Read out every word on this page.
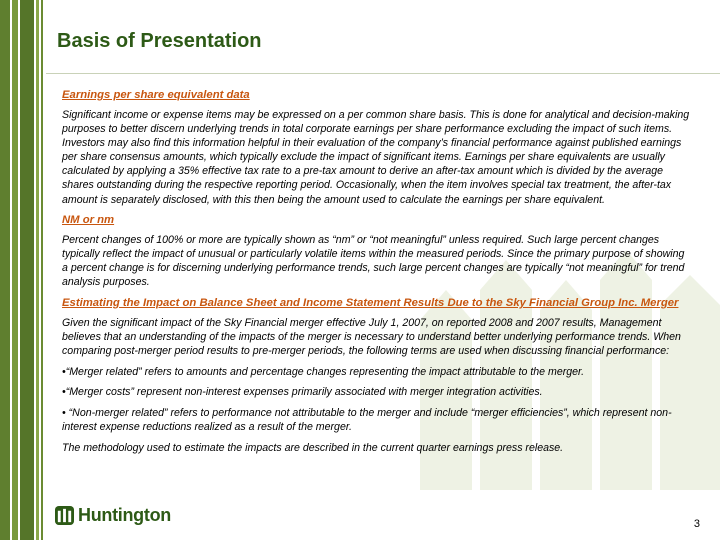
Basis of Presentation

Earnings per share equivalent data

Significant income or expense items may be expressed on a per common share basis. This is done for analytical and decision-making purposes to better discern underlying trends in total corporate earnings per share performance excluding the impact of such items. Investors may also find this information helpful in their evaluation of the company’s financial performance against published earnings per share consensus amounts, which typically exclude the impact of significant items. Earnings per share equivalents are usually calculated by applying a 35% effective tax rate to a pre-tax amount to derive an after-tax amount which is divided by the average shares outstanding during the respective reporting period. Occasionally, when the item involves special tax treatment, the after-tax amount is separately disclosed, with this then being the amount used to calculate the earnings per share equivalent.

NM or nm

Percent changes of 100% or more are typically shown as “nm” or “not meaningful” unless required. Such large percent changes typically reflect the impact of unusual or particularly volatile items within the measured periods. Since the primary purpose of showing a percent change is for discerning underlying performance trends, such large percent changes are typically “not meaningful” for trend analysis purposes.

Estimating the Impact on Balance Sheet and Income Statement Results Due to the Sky Financial Group Inc. Merger

Given the significant impact of the Sky Financial merger effective July 1, 2007, on reported 2008 and 2007 results, Management believes that an understanding of the impacts of the merger is necessary to understand better underlying performance trends. When comparing post-merger period results to pre-merger periods, the following terms are used when discussing financial performance:

•“Merger related” refers to amounts and percentage changes representing the impact attributable to the merger.

•“Merger costs” represent non-interest expenses primarily associated with merger integration activities.

• “Non-merger related” refers to performance not attributable to the merger and include “merger efficiencies”, which represent non-interest expense reductions realized as a result of the merger.

The methodology used to estimate the impacts are described in the current quarter earnings press release.

Huntington	3
